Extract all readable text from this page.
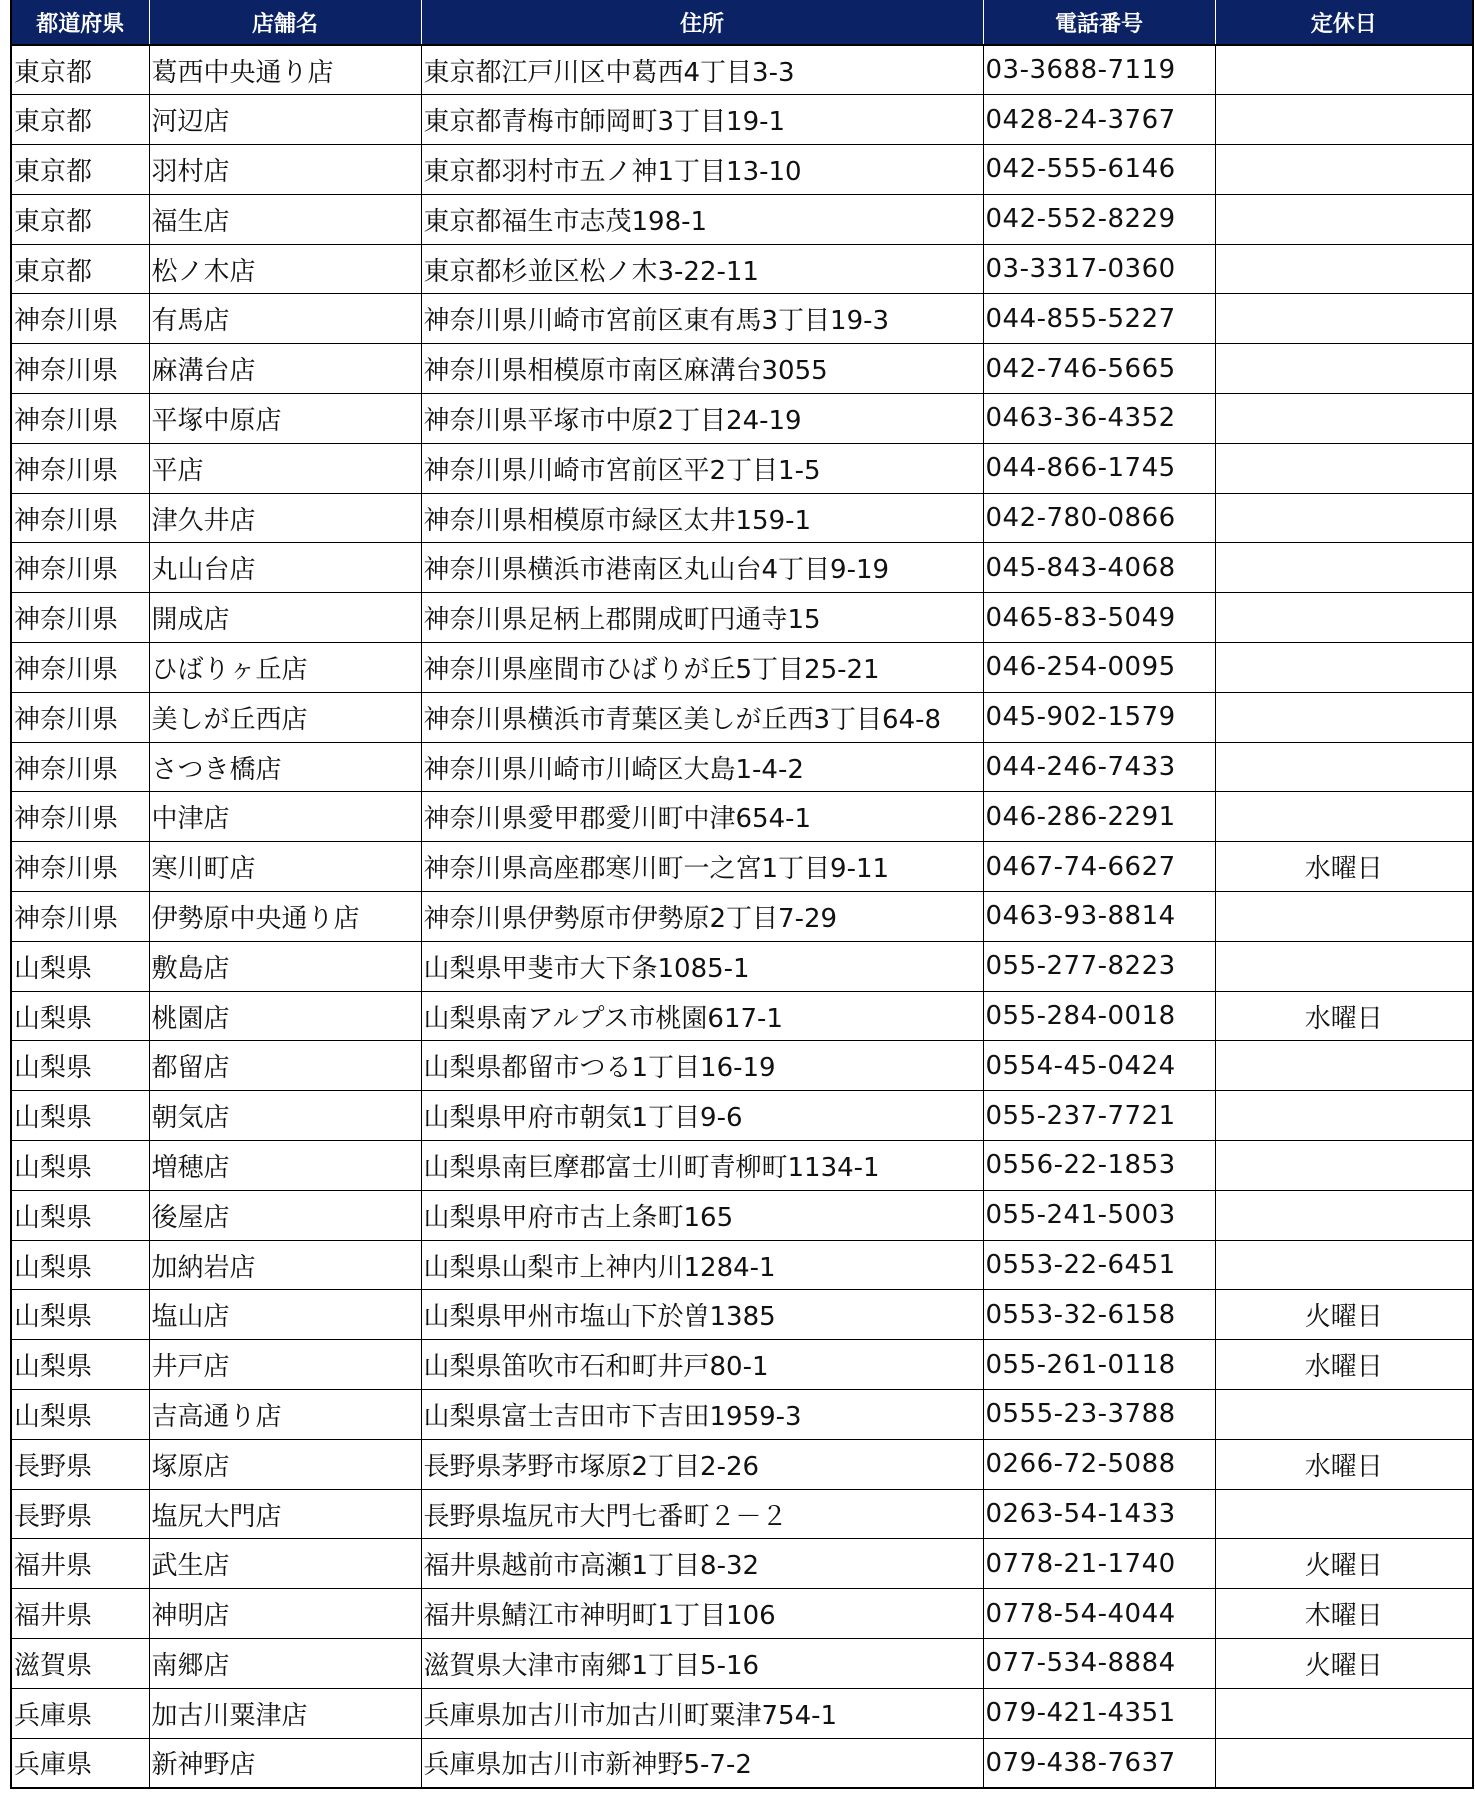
都道府県	店舗名	住所	電話番号	定休日
東京都	葛西中央通り店	東京都江戸川区中葛西4丁目3-3	03-3688-7119	
東京都	河辺店	東京都青梅市師岡町3丁目19-1	0428-24-3767	
東京都	羽村店	東京都羽村市五ノ神1丁目13-10	042-555-6146	
東京都	福生店	東京都福生市志茂198-1	042-552-8229	
東京都	松ノ木店	東京都杉並区松ノ木3-22-11	03-3317-0360	
神奈川県	有馬店	神奈川県川崎市宮前区東有馬3丁目19-3	044-855-5227	
神奈川県	麻溝台店	神奈川県相模原市南区麻溝台3055	042-746-5665	
神奈川県	平塚中原店	神奈川県平塚市中原2丁目24-19	0463-36-4352	
神奈川県	平店	神奈川県川崎市宮前区平2丁目1-5	044-866-1745	
神奈川県	津久井店	神奈川県相模原市緑区太井159-1	042-780-0866	
神奈川県	丸山台店	神奈川県横浜市港南区丸山台4丁目9-19	045-843-4068	
神奈川県	開成店	神奈川県足柄上郡開成町円通寺15	0465-83-5049	
神奈川県	ひばりヶ丘店	神奈川県座間市ひばりが丘5丁目25-21	046-254-0095	
神奈川県	美しが丘西店	神奈川県横浜市青葉区美しが丘西3丁目64-8	045-902-1579	
神奈川県	さつき橋店	神奈川県川崎市川崎区大島1-4-2	044-246-7433	
神奈川県	中津店	神奈川県愛甲郡愛川町中津654-1	046-286-2291	
神奈川県	寒川町店	神奈川県高座郡寒川町一之宮1丁目9-11	0467-74-6627	水曜日
神奈川県	伊勢原中央通り店	神奈川県伊勢原市伊勢原2丁目7-29	0463-93-8814	
山梨県	敷島店	山梨県甲斐市大下条1085-1	055-277-8223	
山梨県	桃園店	山梨県南アルプス市桃園617-1	055-284-0018	水曜日
山梨県	都留店	山梨県都留市つる1丁目16-19	0554-45-0424	
山梨県	朝気店	山梨県甲府市朝気1丁目9-6	055-237-7721	
山梨県	増穂店	山梨県南巨摩郡富士川町青柳町1134-1	0556-22-1853	
山梨県	後屋店	山梨県甲府市古上条町165	055-241-5003	
山梨県	加納岩店	山梨県山梨市上神内川1284-1	0553-22-6451	
山梨県	塩山店	山梨県甲州市塩山下於曽1385	0553-32-6158	火曜日
山梨県	井戸店	山梨県笛吹市石和町井戸80-1	055-261-0118	水曜日
山梨県	吉高通り店	山梨県富士吉田市下吉田1959-3	0555-23-3788	
長野県	塚原店	長野県茅野市塚原2丁目2-26	0266-72-5088	水曜日
長野県	塩尻大門店	長野県塩尻市大門七番町２－２	0263-54-1433	
福井県	武生店	福井県越前市高瀬1丁目8-32	0778-21-1740	火曜日
福井県	神明店	福井県鯖江市神明町1丁目106	0778-54-4044	木曜日
滋賀県	南郷店	滋賀県大津市南郷1丁目5-16	077-534-8884	火曜日
兵庫県	加古川粟津店	兵庫県加古川市加古川町粟津754-1	079-421-4351	
兵庫県	新神野店	兵庫県加古川市新神野5-7-2	079-438-7637	
